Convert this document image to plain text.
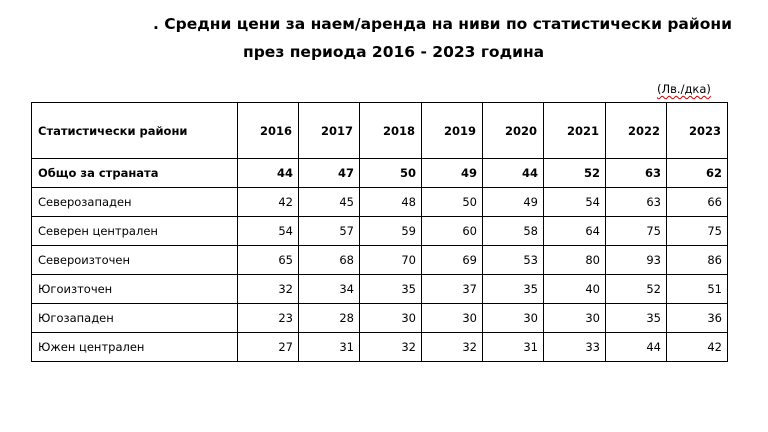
. Средни цени за наем/аренда на ниви по статистически райони
през периода 2016 - 2023 година
(Лв./дка)
Статистически райони	2016	2017	2018	2019	2020	2021	2022	2023
Общо за страната	44	47	50	49	44	52	63	62
Северозападен	42	45	48	50	49	54	63	66
Северен централен	54	57	59	60	58	64	75	75
Североизточен	65	68	70	69	53	80	93	86
Югоизточен	32	34	35	37	35	40	52	51
Югозападен	23	28	30	30	30	30	35	36
Южен централен	27	31	32	32	31	33	44	42
